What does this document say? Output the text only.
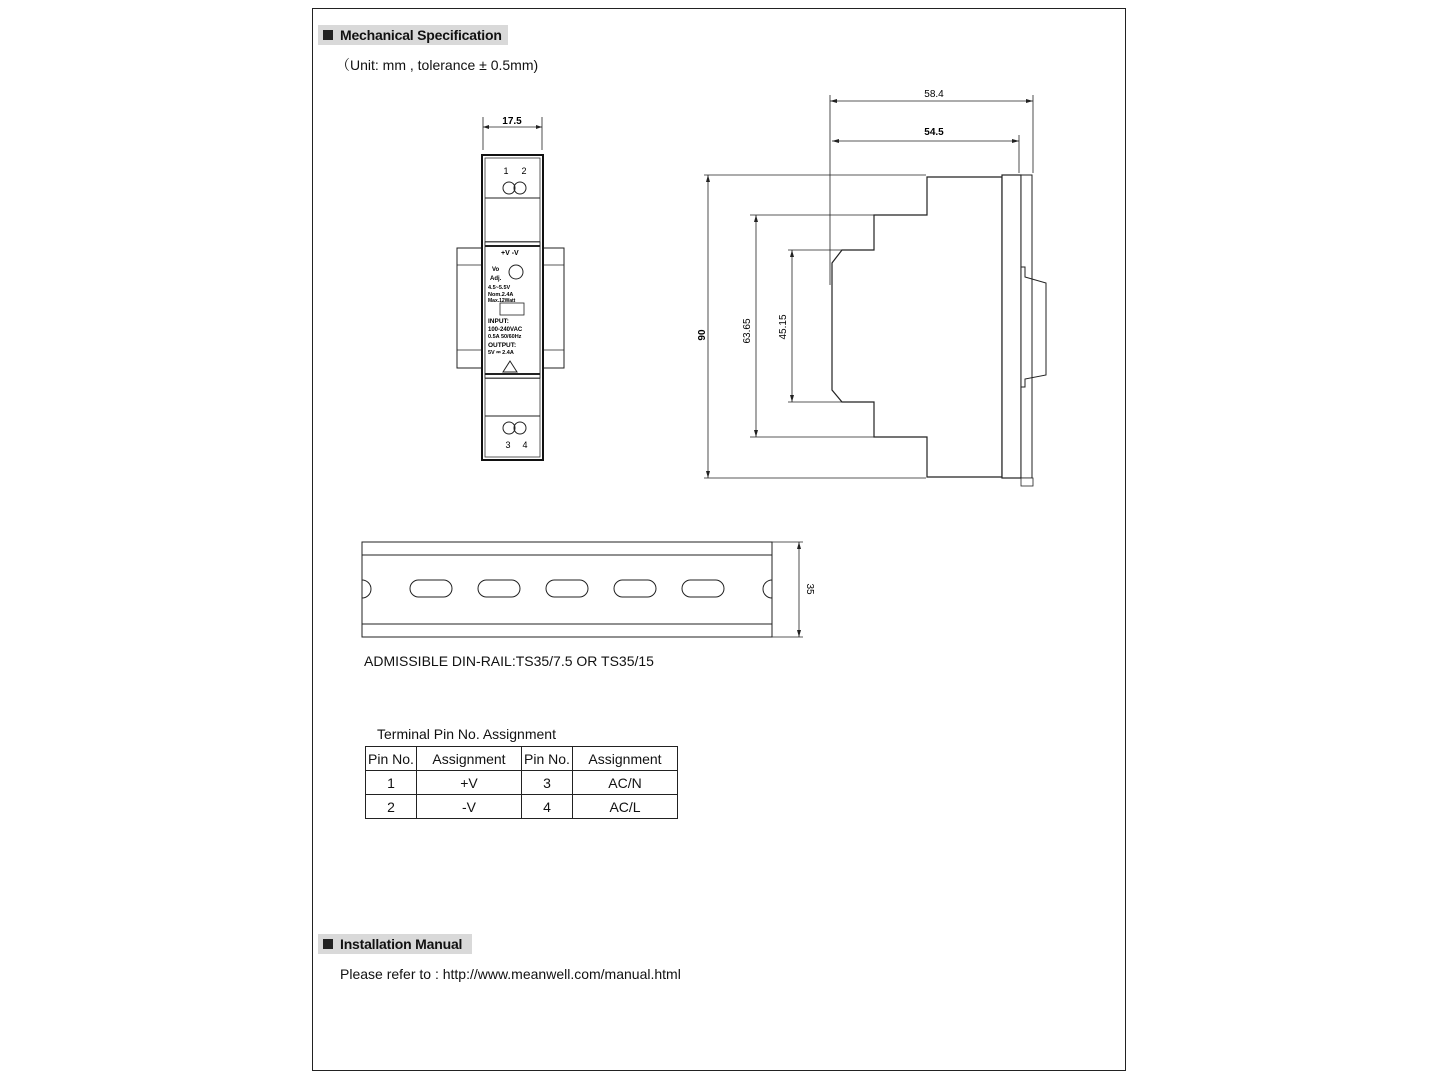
Mechanical Specification
（Unit: mm , tolerance ± 0.5mm)
17.5
1 2
+V -V
Vo
Adj.
4.5~5.5V
Nom.2.4A
Max.12Watt
INPUT:
100-240VAC
0.5A 50/60Hz
OUTPUT:
5V ⎓ 2.4A
3 4
58.4
54.5
90	63.65	45.15
35
ADMISSIBLE DIN-RAIL:TS35/7.5 OR TS35/15
Terminal Pin No. Assignment
Pin No.	Assignment	Pin No.	Assignment
1	+V	3	AC/N
2	-V	4	AC/L
Installation Manual
Please refer to : http://www.meanwell.com/manual.html
